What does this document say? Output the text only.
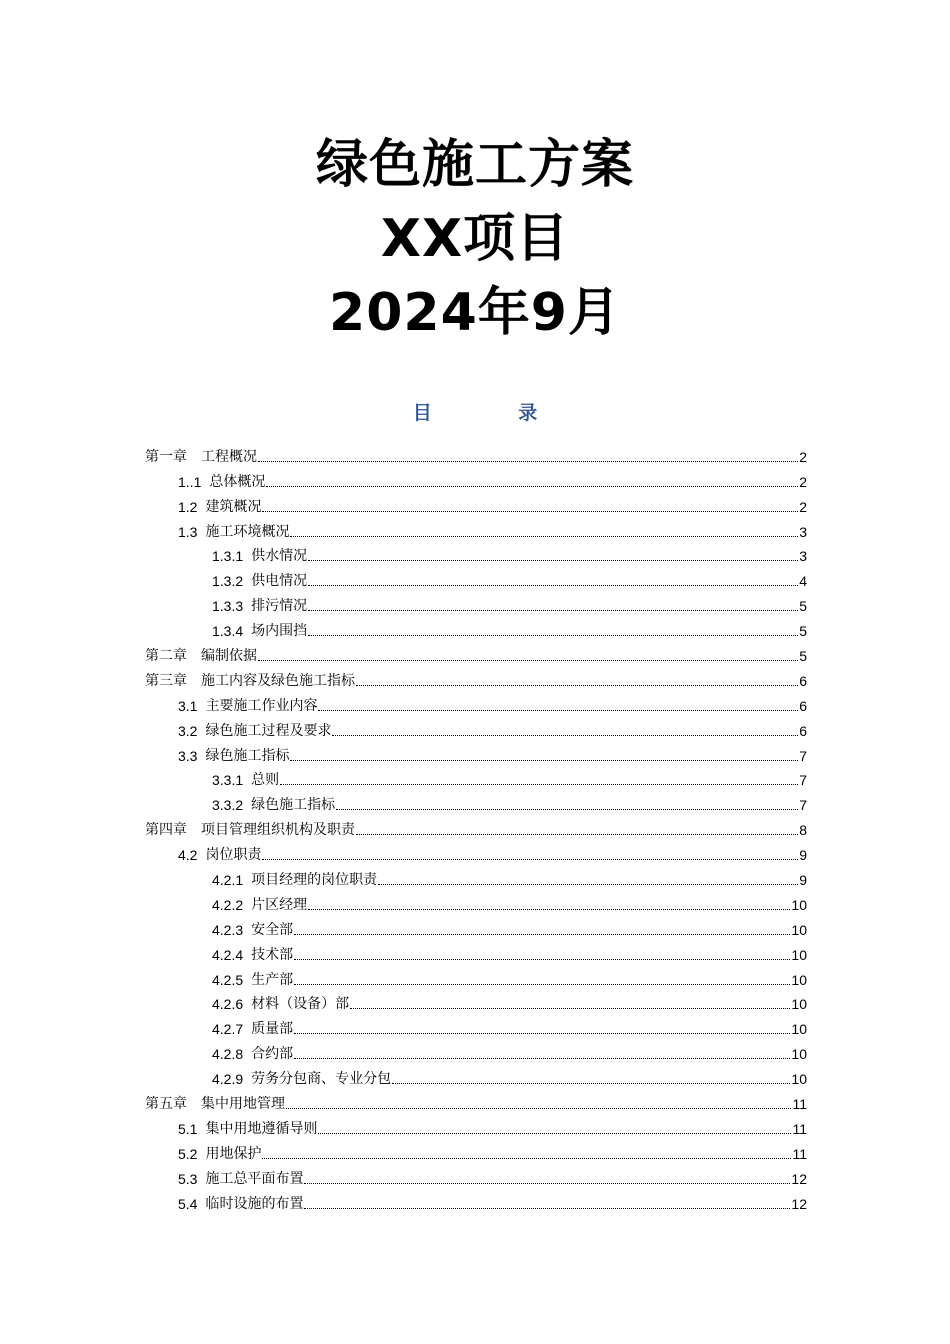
绿色施工方案
XX项目
2024年9月
目 录
第一章 工程概况	2
1..1 总体概况	2
1.2 建筑概况	2
1.3 施工环境概况	3
1.3.1 供水情况	3
1.3.2 供电情况	4
1.3.3 排污情况	5
1.3.4 场内围挡	5
第二章 编制依据	5
第三章 施工内容及绿色施工指标	6
3.1 主要施工作业内容	6
3.2 绿色施工过程及要求	6
3.3 绿色施工指标	7
3.3.1 总则	7
3.3.2 绿色施工指标	7
第四章 项目管理组织机构及职责	8
4.2 岗位职责	9
4.2.1 项目经理的岗位职责	9
4.2.2 片区经理	10
4.2.3 安全部	10
4.2.4 技术部	10
4.2.5 生产部	10
4.2.6 材料（设备）部	10
4.2.7 质量部	10
4.2.8 合约部	10
4.2.9 劳务分包商、专业分包	10
第五章 集中用地管理	11
5.1 集中用地遵循导则	11
5.2 用地保护	11
5.3 施工总平面布置	12
5.4 临时设施的布置	12
